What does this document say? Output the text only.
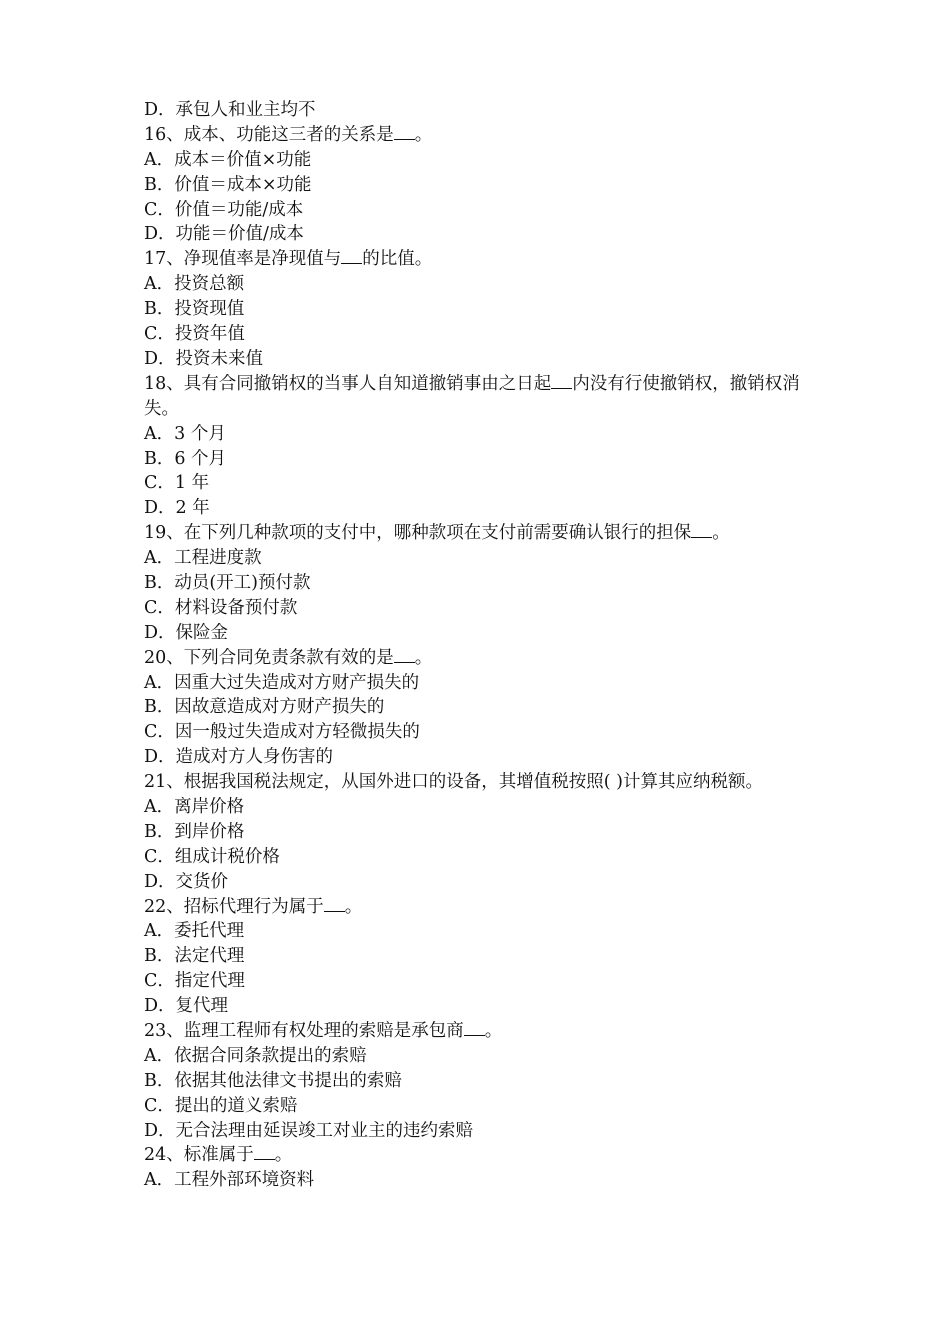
D．承包人和业主均不
16、成本、功能这三者的关系是 。
A．成本＝价值×功能
B．价值＝成本×功能
C．价值＝功能/成本
D．功能＝价值/成本
17、净现值率是净现值与 的比值。
A．投资总额
B．投资现值
C．投资年值
D．投资未来值
18、具有合同撤销权的当事人自知道撤销事由之日起 内没有行使撤销权，撤销权消失。
A．3 个月
B．6 个月
C．1 年
D．2 年
19、在下列几种款项的支付中，哪种款项在支付前需要确认银行的担保 。
A．工程进度款
B．动员(开工)预付款
C．材料设备预付款
D．保险金
20、下列合同免责条款有效的是 。
A．因重大过失造成对方财产损失的
B．因故意造成对方财产损失的
C．因一般过失造成对方轻微损失的
D．造成对方人身伤害的
21、根据我国税法规定，从国外进口的设备，其增值税按照( )计算其应纳税额。
A．离岸价格
B．到岸价格
C．组成计税价格
D．交货价
22、招标代理行为属于 。
A．委托代理
B．法定代理
C．指定代理
D．复代理
23、监理工程师有权处理的索赔是承包商 。
A．依据合同条款提出的索赔
B．依据其他法律文书提出的索赔
C．提出的道义索赔
D．无合法理由延误竣工对业主的违约索赔
24、标准属于 。
A．工程外部环境资料
